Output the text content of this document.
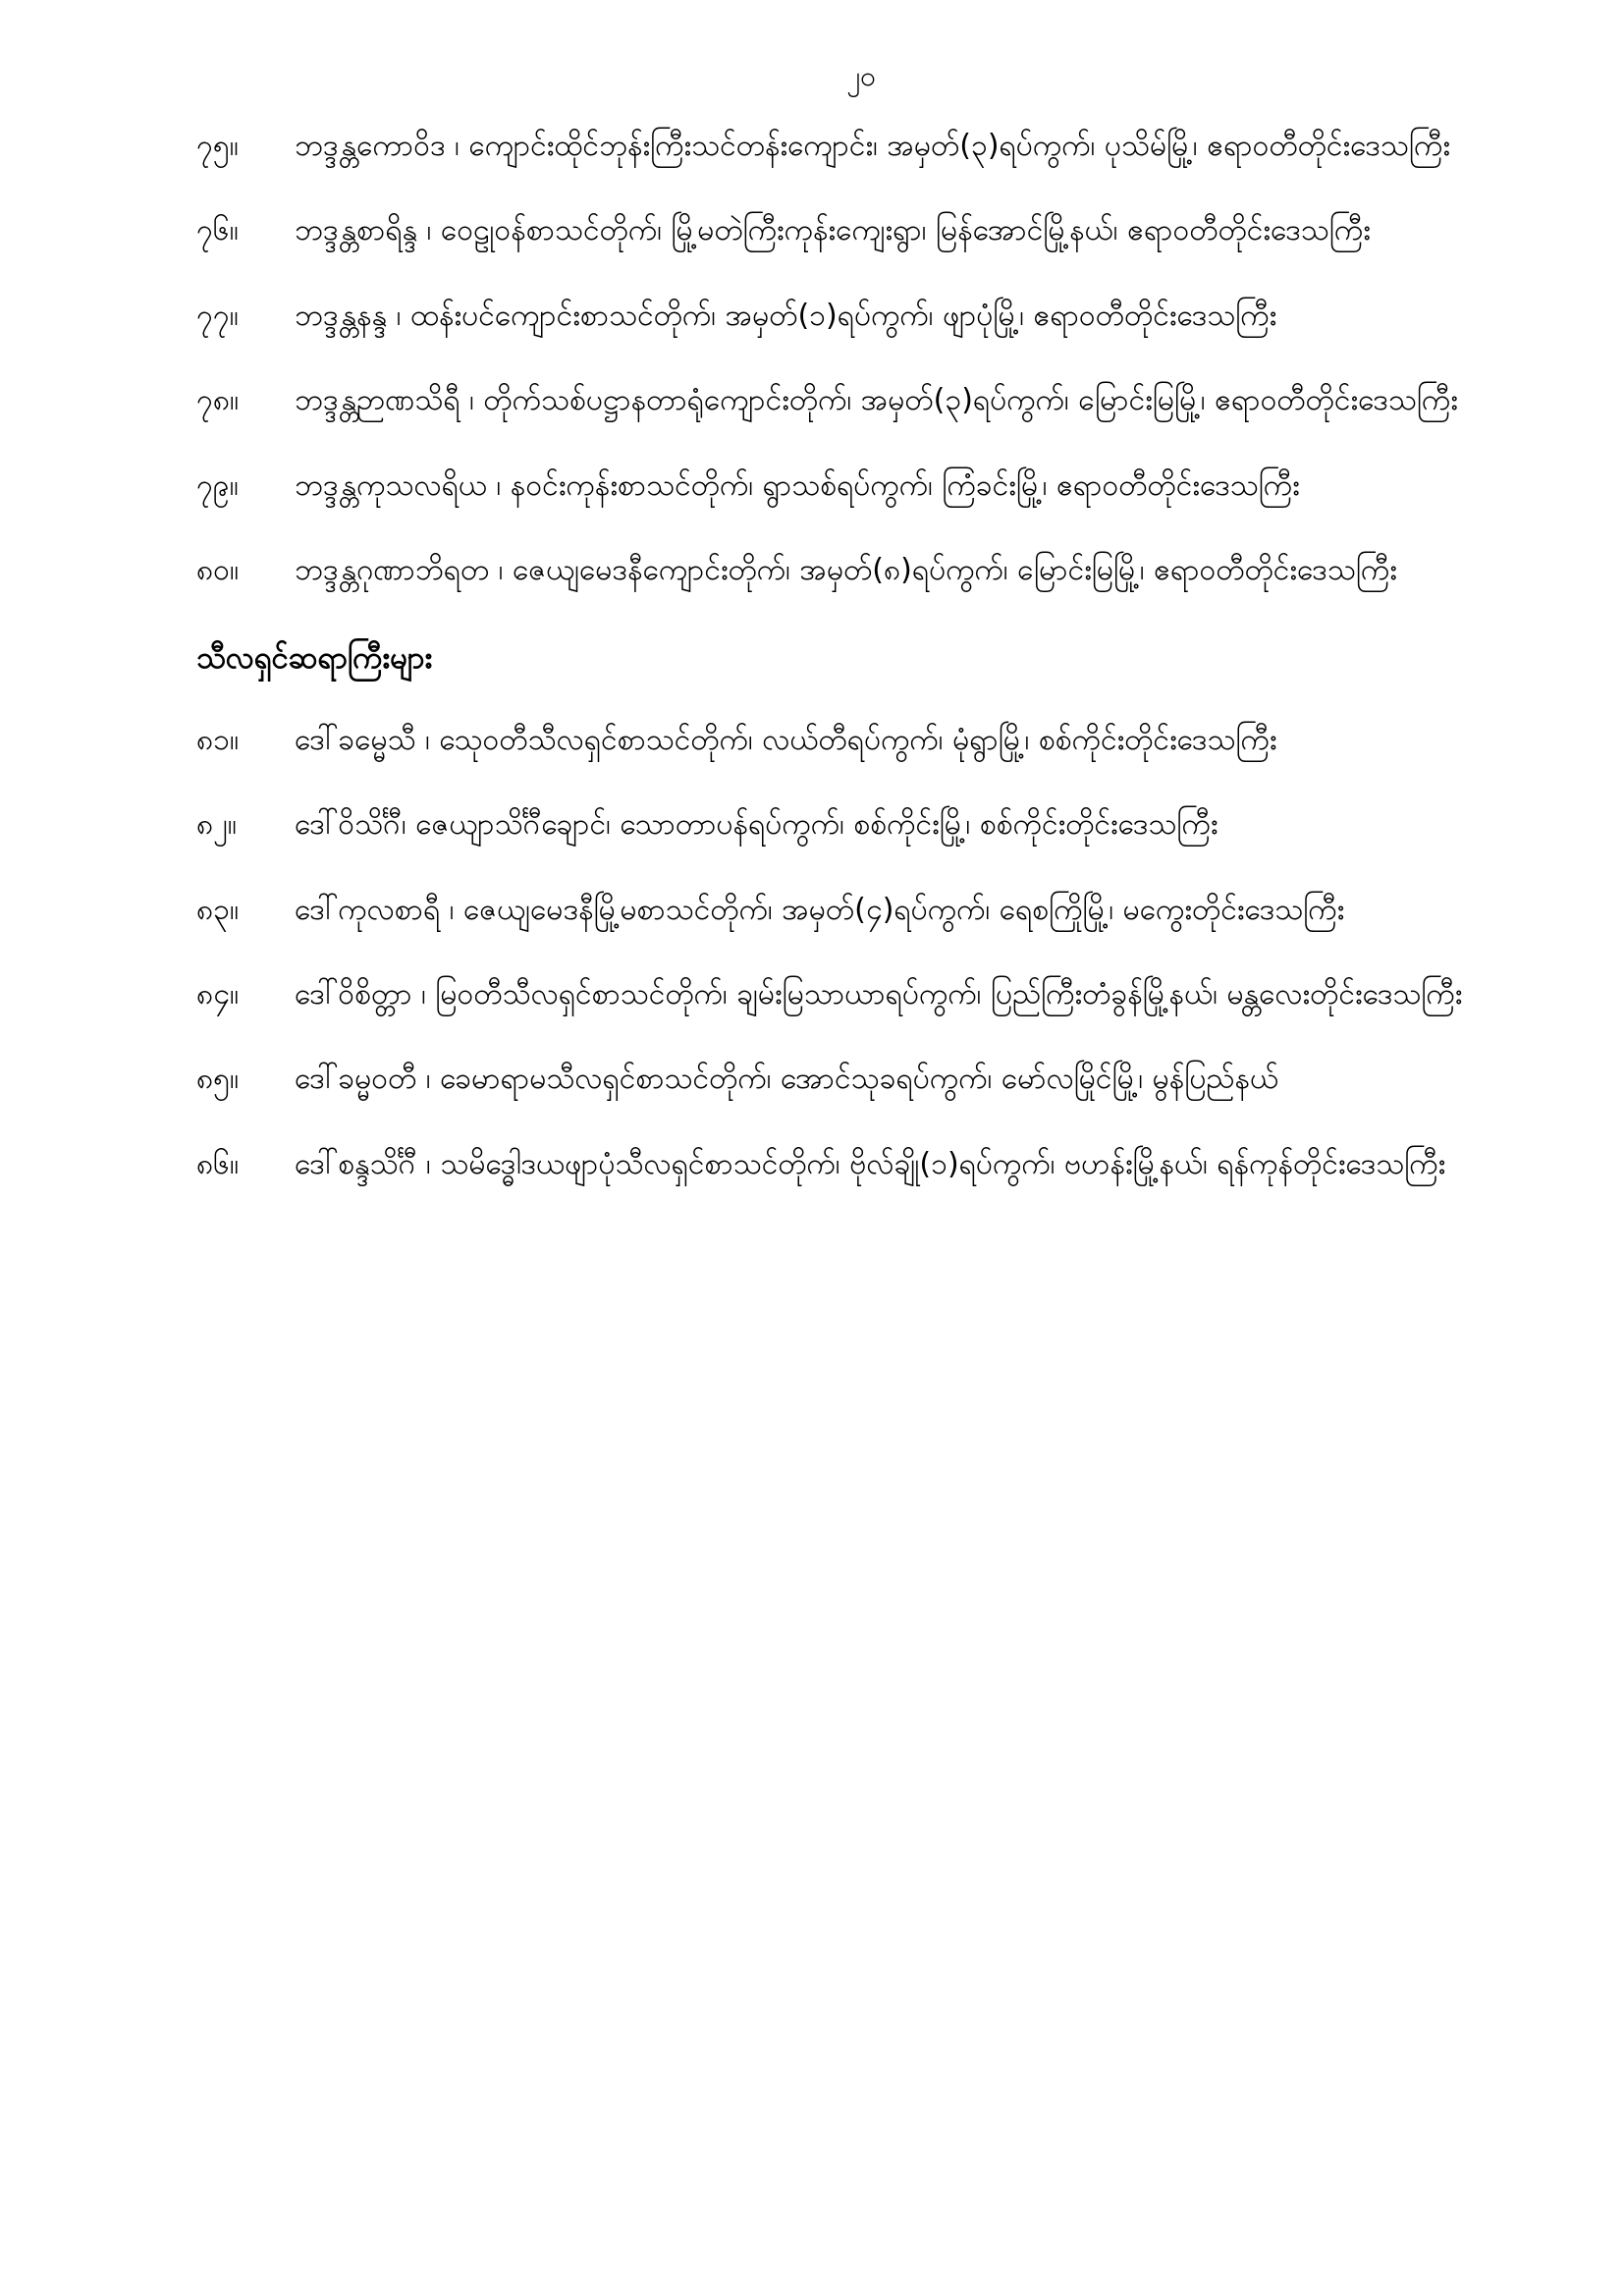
၂၀
၇၅။	ဘဒ္ဒန္တကောဝိဒ ၊ ကျောင်းထိုင်ဘုန်းကြီးသင်တန်းကျောင်း၊ အမှတ်(၃)ရပ်ကွက်၊ ပုသိမ်မြို့၊ ဧရာဝတီတိုင်းဒေသကြီး
၇၆။	ဘဒ္ဒန္တစာရိန္ဒ ၊ ဝေဠုဝန်စာသင်တိုက်၊ မြို့မတဲကြီးကုန်းကျေးရွာ၊ မြန်အောင်မြို့နယ်၊ ဧရာဝတီတိုင်းဒေသကြီး
၇၇။	ဘဒ္ဒန္တနန္ဒ ၊ ထန်းပင်ကျောင်းစာသင်တိုက်၊ အမှတ်(၁)ရပ်ကွက်၊ ဖျာပုံမြို့၊ ဧရာဝတီတိုင်းဒေသကြီး
၇၈။	ဘဒ္ဒန္တဉာဏသိရီ ၊ တိုက်သစ်ပဋ္ဌာနတာရုံကျောင်းတိုက်၊ အမှတ်(၃)ရပ်ကွက်၊ မြောင်းမြမြို့၊ ဧရာဝတီတိုင်းဒေသကြီး
၇၉။	ဘဒ္ဒန္တကုသလရိယ ၊ နဝင်းကုန်းစာသင်တိုက်၊ ရွာသစ်ရပ်ကွက်၊ ကြံခင်းမြို့၊ ဧရာဝတီတိုင်းဒေသကြီး
၈၀။	ဘဒ္ဒန္တဂုဏာဘိရတ ၊ ဇေယျမေဒနီကျောင်းတိုက်၊ အမှတ်(၈)ရပ်ကွက်၊ မြောင်းမြမြို့၊ ဧရာဝတီတိုင်းဒေသကြီး
သီလရှင်ဆရာကြီးများ
၈၁။	ဒေါ်ခမ္မေသီ ၊ သေုဝတီသီလရှင်စာသင်တိုက်၊ လယ်တီရပ်ကွက်၊ မုံရွာမြို့၊ စစ်ကိုင်းတိုင်းဒေသကြီး
၈၂။	ဒေါ်ဝိသိင်္ဂီ၊ ဇေယျာသိင်္ဂီချောင်၊ သောတာပန်ရပ်ကွက်၊ စစ်ကိုင်းမြို့၊ စစ်ကိုင်းတိုင်းဒေသကြီး
၈၃။	ဒေါ်ကုလစာရီ ၊ ဇေယျမေဒနီမြို့မစာသင်တိုက်၊ အမှတ်(၄)ရပ်ကွက်၊ ရေစကြိုမြို့၊ မကွေးတိုင်းဒေသကြီး
၈၄။	ဒေါ်ဝိစိတ္တာ ၊ မြဝတီသီလရှင်စာသင်တိုက်၊ ချမ်းမြသာယာရပ်ကွက်၊ ပြည်ကြီးတံခွန်မြို့နယ်၊ မန္တလေးတိုင်းဒေသကြီး
၈၅။	ဒေါ်ခမ္မဝတီ ၊ ခေမာရာမသီလရှင်စာသင်တိုက်၊ အောင်သုခရပ်ကွက်၊ မော်လမြိုင်မြို့၊ မွန်ပြည်နယ်
၈၆။	ဒေါ်စန္ဒသိင်္ဂီ ၊ သမိဒ္ဓေါဒယဖျာပုံသီလရှင်စာသင်တိုက်၊ ဗိုလ်ချို(၁)ရပ်ကွက်၊ ဗဟန်းမြို့နယ်၊ ရန်ကုန်တိုင်းဒေသကြီး
